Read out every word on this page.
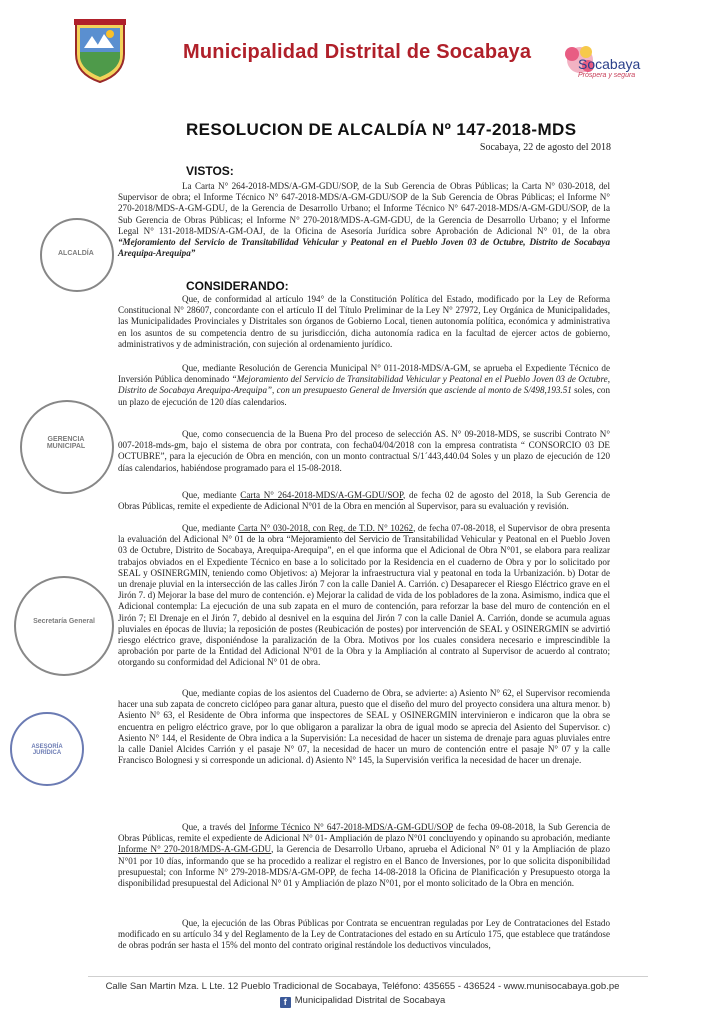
Municipalidad Distrital de Socabaya
Socabaya
Próspera y segura
RESOLUCION DE ALCALDÍA Nº 147-2018-MDS
Socabaya, 22 de agosto del 2018
VISTOS:
La Carta N° 264-2018-MDS/A-GM-GDU/SOP, de la Sub Gerencia de Obras Públicas; la Carta N° 030-2018, del Supervisor de obra; el Informe Técnico N° 647-2018-MDS/A-GM-GDU/SOP de la Sub Gerencia de Obras Públicas; el Informe N° 270-2018/MDS-A-GM-GDU, de la Gerencia de Desarrollo Urbano; el Informe Técnico N° 647-2018-MDS/A-GM-GDU/SOP, de la Sub Gerencia de Obras Públicas; el Informe N° 270-2018/MDS-A-GM-GDU, de la Gerencia de Desarrollo Urbano; y el Informe Legal N° 131-2018-MDS/A-GM-OAJ, de la Oficina de Asesoría Jurídica sobre Aprobación de Adicional N° 01, de la obra “Mejoramiento del Servicio de Transitabilidad Vehicular y Peatonal en el Pueblo Joven 03 de Octubre, Distrito de Socabaya Arequipa-Arequipa”
CONSIDERANDO:
Que, de conformidad al artículo 194° de la Constitución Política del Estado, modificado por la Ley de Reforma Constitucional N° 28607, concordante con el artículo II del Título Preliminar de la Ley N° 27972, Ley Orgánica de Municipalidades, las Municipalidades Provinciales y Distritales son órganos de Gobierno Local, tienen autonomía política, económica y administrativa en los asuntos de su competencia dentro de su jurisdicción, dicha autonomía radica en la facultad de ejercer actos de gobierno, administrativos y de administración, con sujeción al ordenamiento jurídico.
Que, mediante Resolución de Gerencia Municipal N° 011-2018-MDS/A-GM, se aprueba el Expediente Técnico de Inversión Pública denominado “Mejoramiento del Servicio de Transitabilidad Vehicular y Peatonal en el Pueblo Joven 03 de Octubre, Distrito de Socabaya Arequipa-Arequipa”, con un presupuesto General de Inversión que asciende al monto de S/498,193.51 soles, con un plazo de ejecución de 120 días calendarios.
Que, como consecuencia de la Buena Pro del proceso de selección AS. N° 09-2018-MDS, se suscribi Contrato N° 007-2018-mds-gm, bajo el sistema de obra por contrata, con fecha04/04/2018 con la empresa contratista “ CONSORCIO 03 DE OCTUBRE”, para la ejecución de Obra en mención, con un monto contractual S/1´443,440.04 Soles y un plazo de ejecución de 120 días calendarios, habiéndose programado para el 15-08-2018.
Que, mediante Carta N° 264-2018-MDS/A-GM-GDU/SOP, de fecha 02 de agosto del 2018, la Sub Gerencia de Obras Públicas, remite el expediente de Adicional N°01 de la Obra en mención al Supervisor, para su evaluación y revisión.
Que, mediante Carta N° 030-2018, con Reg. de T.D. N° 10262, de fecha 07-08-2018, el Supervisor de obra presenta la evaluación del Adicional N° 01 de la obra “Mejoramiento del Servicio de Transitabilidad Vehicular y Peatonal en el Pueblo Joven 03 de Octubre, Distrito de Socabaya, Arequipa-Arequipa”, en el que informa que el Adicional de Obra N°01, se elabora para realizar trabajos obviados en el Expediente Técnico en base a lo solicitado por la Residencia en el cuaderno de Obra y por lo solicitado por SEAL y OSINERGMIN, teniendo como Objetivos: a) Mejorar la infraestructura vial y peatonal en toda la Urbanización. b) Dotar de un drenaje pluvial en la intersección de las calles Jirón 7 con la calle Daniel A. Carrión. c) Desaparecer el Riesgo Eléctrico grave en el Jirón 7. d) Mejorar la base del muro de contención. e) Mejorar la calidad de vida de los pobladores de la zona. Asimismo, indica que el Adicional contempla: La ejecución de una sub zapata en el muro de contención, para reforzar la base del muro de contención en el Jirón 7; El Drenaje en el Jirón 7, debido al desnivel en la esquina del Jirón 7 con la calle Daniel A. Carrión, donde se acumula aguas pluviales en épocas de lluvia; la reposición de postes (Reubicación de postes) por intervención de SEAL y OSINERGMIN se advirtió riesgo eléctrico grave, disponiéndose la paralización de la Obra. Motivos por los cuales considera necesario e imprescindible la aprobación por parte de la Entidad del Adicional N°01 de la Obra y la Ampliación al contrato al Supervisor de acuerdo al contrato; otorgando su conformidad del Adicional N° 01 de obra.
Que, mediante copias de los asientos del Cuaderno de Obra, se advierte: a) Asiento N° 62, el Supervisor recomienda hacer una sub zapata de concreto ciclópeo para ganar altura, puesto que el diseño del muro del proyecto considera una altura menor. b) Asiento N° 63, el Residente de Obra informa que inspectores de SEAL y OSINERGMIN intervinieron e indicaron que la obra se encuentra en peligro eléctrico grave, por lo que obligaron a paralizar la obra de igual modo se aprecia del Asiento del Supervisor. c) Asiento N° 144, el Residente de Obra indica a la Supervisión: La necesidad de hacer un sistema de drenaje para aguas pluviales entre la calle Daniel Alcides Carrión y el pasaje N° 07, la necesidad de hacer un muro de contención entre el pasaje N° 07 y la calle Francisco Bolognesi y si corresponde un adicional. d) Asiento N° 145, la Supervisión verifica la necesidad de hacer un drenaje.
Que, a través del Informe Técnico N° 647-2018-MDS/A-GM-GDU/SOP de fecha 09-08-2018, la Sub Gerencia de Obras Públicas, remite el expediente de Adicional N° 01- Ampliación de plazo N°01 concluyendo y opinando su aprobación, mediante Informe N° 270-2018/MDS-A-GM-GDU, la Gerencia de Desarrollo Urbano, aprueba el Adicional N° 01 y la Ampliación de plazo N°01 por 10 días, informando que se ha procedido a realizar el registro en el Banco de Inversiones, por lo que solicita disponibilidad presupuestal; con Informe N° 279-2018-MDS/A-GM-OPP, de fecha 14-08-2018 la Oficina de Planificación y Presupuesto otorga la disponibilidad presupuestal del Adicional N° 01 y Ampliación de plazo N°01, por el monto solicitado de la Obra en mención.
Que, la ejecución de las Obras Públicas por Contrata se encuentran reguladas por Ley de Contrataciones del Estado modificado en su artículo 34 y del Reglamento de la Ley de Contrataciones del estado en su Artículo 175, que establece que tratándose de obras podrán ser hasta el 15% del monto del contrato original restándole los deductivos vinculados,
ALCALDÍA
GERENCIA MUNICIPAL
Secretaría General
ASESORÍA JURÍDICA
Calle San Martin Mza. L Lte. 12 Pueblo Tradicional de Socabaya, Teléfono: 435655 - 436524 - www.munisocabaya.gob.pe
f Municipalidad Distrital de Socabaya
